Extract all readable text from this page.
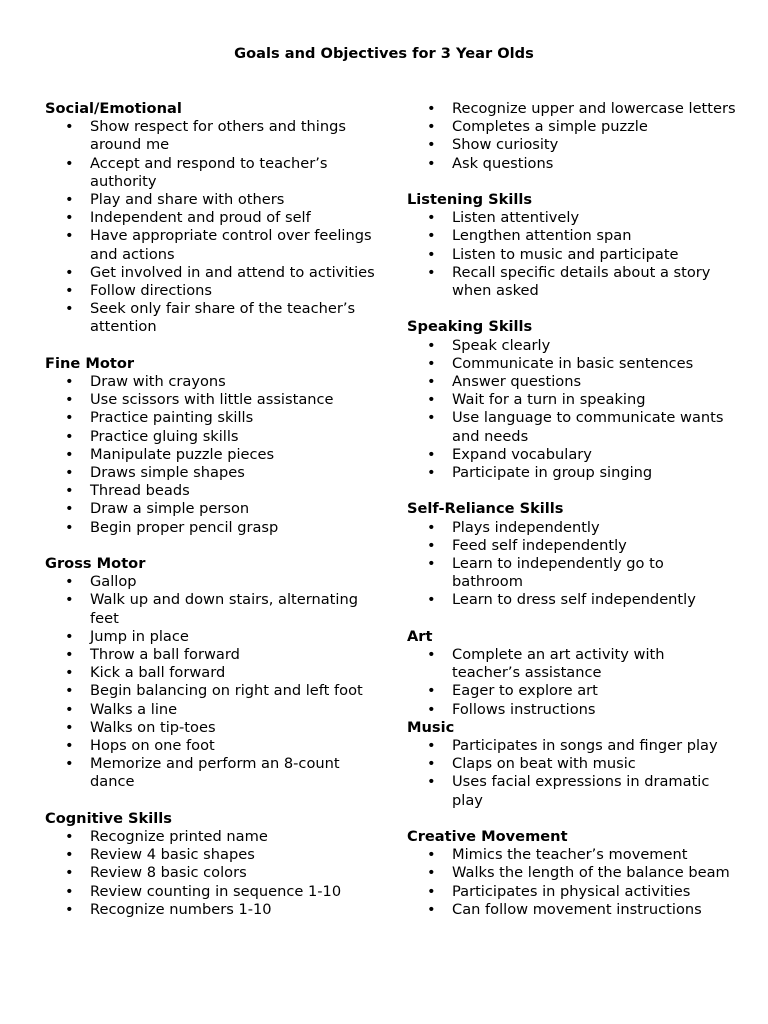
Goals and Objectives for 3 Year Olds
Social/Emotional
• Show respect for others and things around me
• Accept and respond to teacher’s authority
• Play and share with others
• Independent and proud of self
• Have appropriate control over feelings and actions
• Get involved in and attend to activities
• Follow directions
• Seek only fair share of the teacher’s attention
Fine Motor
• Draw with crayons
• Use scissors with little assistance
• Practice painting skills
• Practice gluing skills
• Manipulate puzzle pieces
• Draws simple shapes
• Thread beads
• Draw a simple person
• Begin proper pencil grasp
Gross Motor
• Gallop
• Walk up and down stairs, alternating feet
• Jump in place
• Throw a ball forward
• Kick a ball forward
• Begin balancing on right and left foot
• Walks a line
• Walks on tip-toes
• Hops on one foot
• Memorize and perform an 8-count dance
Cognitive Skills
• Recognize printed name
• Review 4 basic shapes
• Review 8 basic colors
• Review counting in sequence 1-10
• Recognize numbers 1-10
• Recognize upper and lowercase letters
• Completes a simple puzzle
• Show curiosity
• Ask questions
Listening Skills
• Listen attentively
• Lengthen attention span
• Listen to music and participate
• Recall specific details about a story when asked
Speaking Skills
• Speak clearly
• Communicate in basic sentences
• Answer questions
• Wait for a turn in speaking
• Use language to communicate wants and needs
• Expand vocabulary
• Participate in group singing
Self-Reliance Skills
• Plays independently
• Feed self independently
• Learn to independently go to bathroom
• Learn to dress self independently
Art
• Complete an art activity with teacher’s assistance
• Eager to explore art
• Follows instructions
Music
• Participates in songs and finger play
• Claps on beat with music
• Uses facial expressions in dramatic play
Creative Movement
• Mimics the teacher’s movement
• Walks the length of the balance beam
• Participates in physical activities
• Can follow movement instructions
